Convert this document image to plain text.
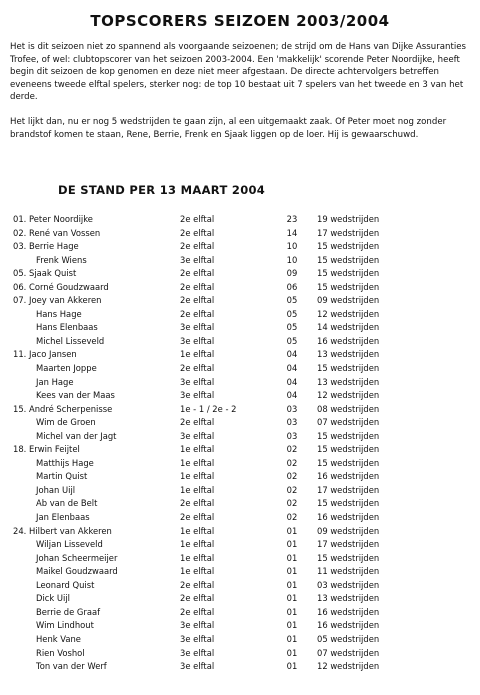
TOPSCORERS SEIZOEN 2003/2004

Het is dit seizoen niet zo spannend als voorgaande seizoenen; de strijd om de Hans van Dijke Assuranties Trofee, of wel: clubtopscorer van het seizoen 2003-2004. Een 'makkelijk' scorende Peter Noordijke, heeft begin dit seizoen de kop genomen en deze niet meer afgestaan. De directe achtervolgers betreffen eveneens tweede elftal spelers, sterker nog: de top 10 bestaat uit 7 spelers van het tweede en 3 van het derde.

Het lijkt dan, nu er nog 5 wedstrijden te gaan zijn, al een uitgemaakt zaak. Of Peter moet nog zonder brandstof komen te staan, Rene, Berrie, Frenk en Sjaak liggen op de loer. Hij is gewaarschuwd.

DE STAND PER 13 MAART 2004
01. Peter Noordijke	2e elftal	23	19 wedstrijden
02. René van Vossen	2e elftal	14	17 wedstrijden
03. Berrie Hage	2e elftal	10	15 wedstrijden
Frenk Wiens	3e elftal	10	15 wedstrijden
05. Sjaak Quist	2e elftal	09	15 wedstrijden
06. Corné Goudzwaard	2e elftal	06	15 wedstrijden
07. Joey van Akkeren	2e elftal	05	09 wedstrijden
Hans Hage	2e elftal	05	12 wedstrijden
Hans Elenbaas	3e elftal	05	14 wedstrijden
Michel Lisseveld	3e elftal	05	16 wedstrijden
11. Jaco Jansen	1e elftal	04	13 wedstrijden
Maarten Joppe	2e elftal	04	15 wedstrijden
Jan Hage	3e elftal	04	13 wedstrijden
Kees van der Maas	3e elftal	04	12 wedstrijden
15. André Scherpenisse	1e - 1 / 2e - 2	03	08 wedstrijden
Wim de Groen	2e elftal	03	07 wedstrijden
Michel van der Jagt	3e elftal	03	15 wedstrijden
18. Erwin Feijtel	1e elftal	02	15 wedstrijden
Matthijs Hage	1e elftal	02	15 wedstrijden
Martin Quist	1e elftal	02	16 wedstrijden
Johan Uijl	1e elftal	02	17 wedstrijden
Ab van de Belt	2e elftal	02	15 wedstrijden
Jan Elenbaas	2e elftal	02	16 wedstrijden
24. Hilbert van Akkeren	1e elftal	01	09 wedstrijden
Wiljan Lisseveld	1e elftal	01	17 wedstrijden
Johan Scheermeijer	1e elftal	01	15 wedstrijden
Maikel Goudzwaard	1e elftal	01	11 wedstrijden
Leonard Quist	2e elftal	01	03 wedstrijden
Dick Uijl	2e elftal	01	13 wedstrijden
Berrie de Graaf	2e elftal	01	16 wedstrijden
Wim Lindhout	3e elftal	01	16 wedstrijden
Henk Vane	3e elftal	01	05 wedstrijden
Rien Voshol	3e elftal	01	07 wedstrijden
Ton van der Werf	3e elftal	01	12 wedstrijden
